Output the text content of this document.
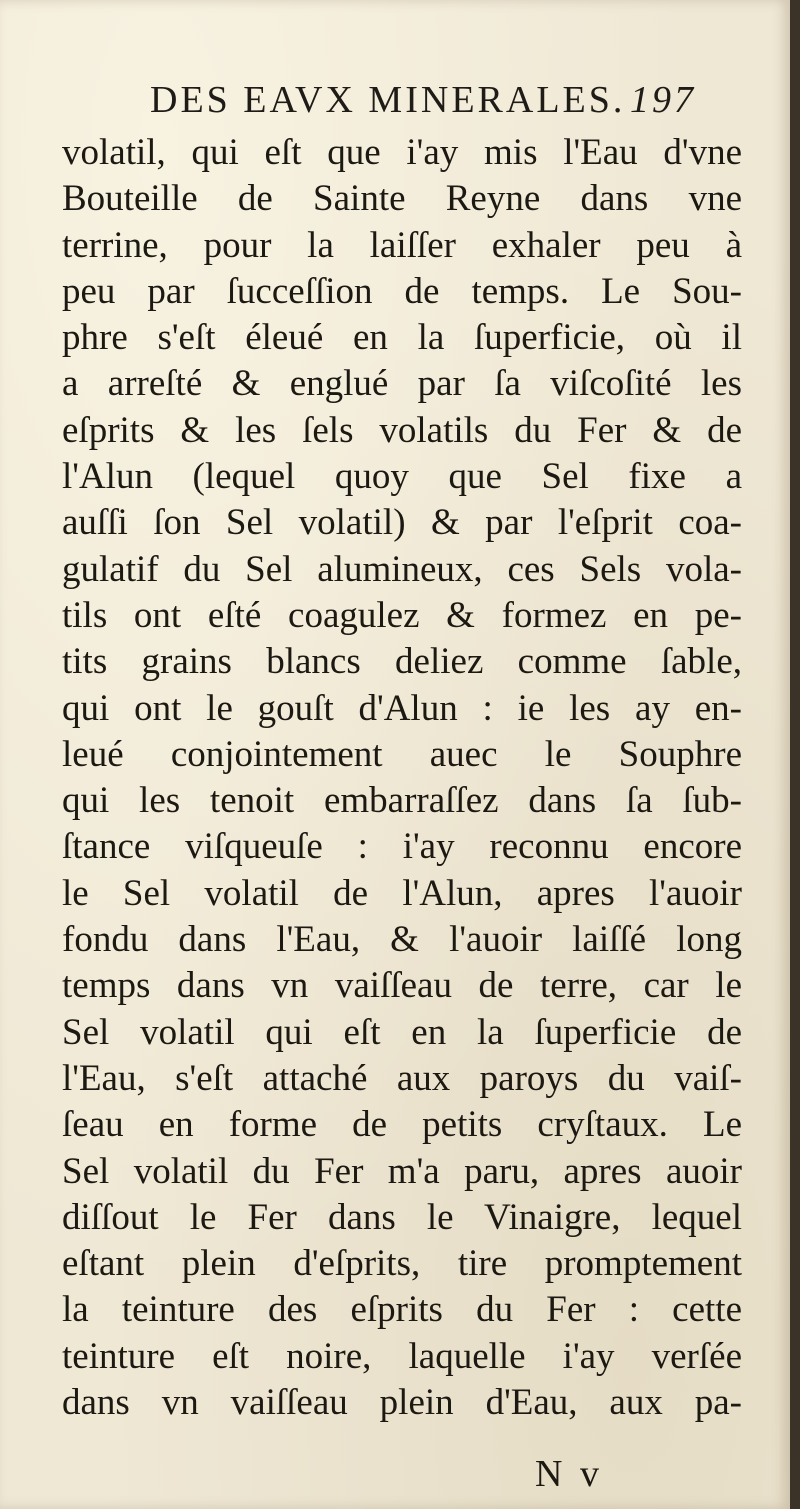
DES EAVX MINERALES. 197
volatil, qui eſt que i'ay mis l'Eau d'vne
Bouteille de Sainte Reyne dans vne
terrine, pour la laiſſer exhaler peu à
peu par ſucceſſion de temps. Le Sou-
phre s'eſt éleué en la ſuperficie, où il
a arreſté & englué par ſa viſcoſité les
eſprits & les ſels volatils du Fer & de
l'Alun (lequel quoy que Sel fixe a
auſſi ſon Sel volatil) & par l'eſprit coa-
gulatif du Sel alumineux, ces Sels vola-
tils ont eſté coagulez & formez en pe-
tits grains blancs deliez comme ſable,
qui ont le gouſt d'Alun : ie les ay en-
leué conjointement auec le Souphre
qui les tenoit embarraſſez dans ſa ſub-
ſtance viſqueuſe : i'ay reconnu encore
le Sel volatil de l'Alun, apres l'auoir
fondu dans l'Eau, & l'auoir laiſſé long
temps dans vn vaiſſeau de terre, car le
Sel volatil qui eſt en la ſuperficie de
l'Eau, s'eſt attaché aux paroys du vaiſ-
ſeau en forme de petits cryſtaux. Le
Sel volatil du Fer m'a paru, apres auoir
diſſout le Fer dans le Vinaigre, lequel
eſtant plein d'eſprits, tire promptement
la teinture des eſprits du Fer : cette
teinture eſt noire, laquelle i'ay verſée
dans vn vaiſſeau plein d'Eau, aux pa-
N v
